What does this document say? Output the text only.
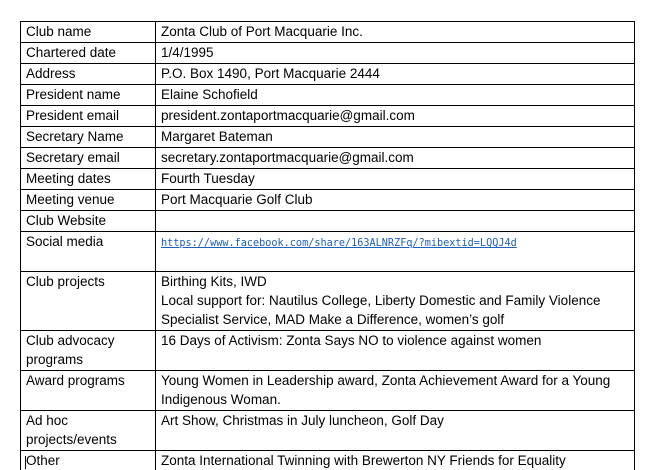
Club name	Zonta Club of Port Macquarie Inc.
Chartered date	1/4/1995
Address	P.O. Box 1490, Port Macquarie 2444
President name	Elaine Schofield
President email	president.zontaportmacquarie@gmail.com
Secretary Name	Margaret Bateman
Secretary email	secretary.zontaportmacquarie@gmail.com
Meeting dates	Fourth Tuesday
Meeting venue	Port Macquarie Golf Club
Club Website	
Social media	https://www.facebook.com/share/163ALNRZFq/?mibextid=LQQJ4d
Club projects	Birthing Kits, IWD
Local support for: Nautilus College, Liberty Domestic and Family Violence Specialist Service, MAD Make a Difference, women’s golf

Club advocacy programs	16 Days of Activism: Zonta Says NO to violence against women
Award programs	Young Women in Leadership award, Zonta Achievement Award for a Young Indigenous Woman.
Ad hoc projects/events	Art Show, Christmas in July luncheon, Golf Day
Other	Zonta International Twinning with Brewerton NY Friends for Equality
